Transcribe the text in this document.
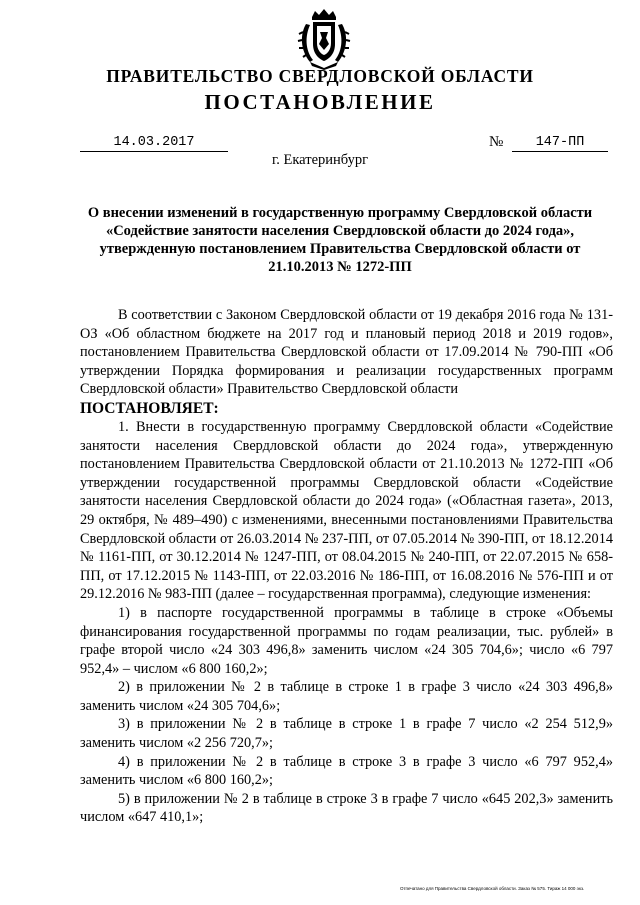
ПРАВИТЕЛЬСТВО СВЕРДЛОВСКОЙ ОБЛАСТИ
ПОСТАНОВЛЕНИЕ
14.03.2017	№	147-ПП
г. Екатеринбург
О внесении изменений в государственную программу Свердловской области «Содействие занятости населения Свердловской области до 2024 года», утвержденную постановлением Правительства Свердловской области от 21.10.2013 № 1272-ПП

В соответствии с Законом Свердловской области от 19 декабря 2016 года № 131-ОЗ «Об областном бюджете на 2017 год и плановый период 2018 и 2019 годов», постановлением Правительства Свердловской области от 17.09.2014 № 790-ПП «Об утверждении Порядка формирования и реализации государственных программ Свердловской области» Правительство Свердловской области

ПОСТАНОВЛЯЕТ:

1. Внести в государственную программу Свердловской области «Содействие занятости населения Свердловской области до 2024 года», утвержденную постановлением Правительства Свердловской области от 21.10.2013 № 1272-ПП «Об утверждении государственной программы Свердловской области «Содействие занятости населения Свердловской области до 2024 года» («Областная газета», 2013, 29 октября, № 489–490) с изменениями, внесенными постановлениями Правительства Свердловской области от 26.03.2014 № 237-ПП, от 07.05.2014 № 390-ПП, от 18.12.2014 № 1161-ПП, от 30.12.2014 № 1247-ПП, от 08.04.2015 № 240-ПП, от 22.07.2015 № 658-ПП, от 17.12.2015 № 1143-ПП, от 22.03.2016 № 186-ПП, от 16.08.2016 № 576-ПП и от 29.12.2016 № 983-ПП (далее – государственная программа), следующие изменения:

1) в паспорте государственной программы в таблице в строке «Объемы финансирования государственной программы по годам реализации, тыс. рублей» в графе второй число «24 303 496,8» заменить числом «24 305 704,6»; число «6 797 952,4» – числом «6 800 160,2»;

2) в приложении № 2 в таблице в строке 1 в графе 3 число «24 303 496,8» заменить числом «24 305 704,6»;

3) в приложении № 2 в таблице в строке 1 в графе 7 число «2 254 512,9» заменить числом «2 256 720,7»;

4) в приложении № 2 в таблице в строке 3 в графе 3 число «6 797 952,4» заменить числом «6 800 160,2»;

5) в приложении № 2 в таблице в строке 3 в графе 7 число «645 202,3» заменить числом «647 410,1»;

Отпечатано для Правительства Свердловской области. Заказ № 575. Тираж 14 000 экз.
